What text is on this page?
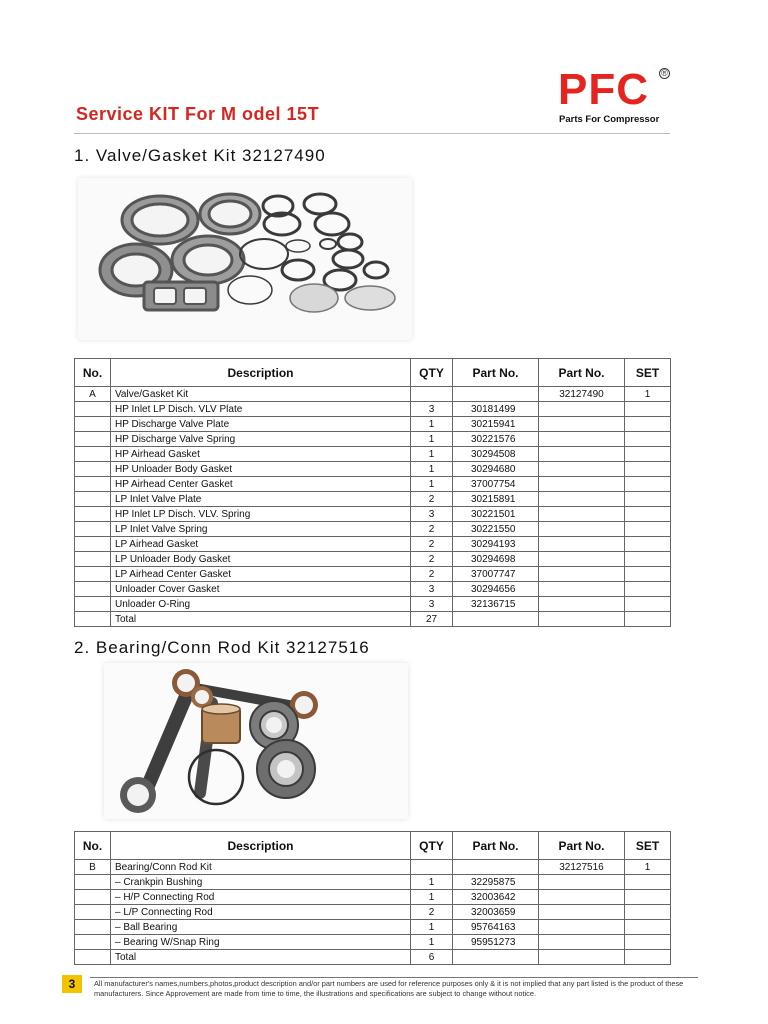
PFC ®
Parts For Compressor
Service KIT For M odel 15T
1. Valve/Gasket Kit 32127490
No.	Description	QTY	Part No.	Part No.	SET
A	Valve/Gasket Kit			32127490	1
	HP Inlet LP Disch. VLV Plate	3	30181499		
	HP Discharge Valve Plate	1	30215941		
	HP Discharge Valve Spring	1	30221576		
	HP Airhead Gasket	1	30294508		
	HP Unloader Body Gasket	1	30294680		
	HP Airhead Center Gasket	1	37007754		
	LP Inlet Valve Plate	2	30215891		
	HP Inlet LP Disch. VLV. Spring	3	30221501		
	LP Inlet Valve Spring	2	30221550		
	LP Airhead Gasket	2	30294193		
	LP Unloader Body Gasket	2	30294698		
	LP Airhead Center Gasket	2	37007747		
	Unloader Cover Gasket	3	30294656		
	Unloader O-Ring	3	32136715		
	Total	27			
2. Bearing/Conn Rod Kit 32127516
No.	Description	QTY	Part No.	Part No.	SET
B	Bearing/Conn Rod Kit			32127516	1
	– Crankpin Bushing	1	32295875		
	– H/P Connecting Rod	1	32003642		
	– L/P Connecting Rod	2	32003659		
	– Ball Bearing	1	95764163		
	– Bearing W/Snap Ring	1	95951273		
	Total	6			
3	All manufacturer's names,numbers,photos,product description and/or part numbers are used for reference purposes only & it is not implied that any part listed is the product of these manufacturers. Since Approvement are made from time to time, the illustrations and specifications are subject to change without notice.
